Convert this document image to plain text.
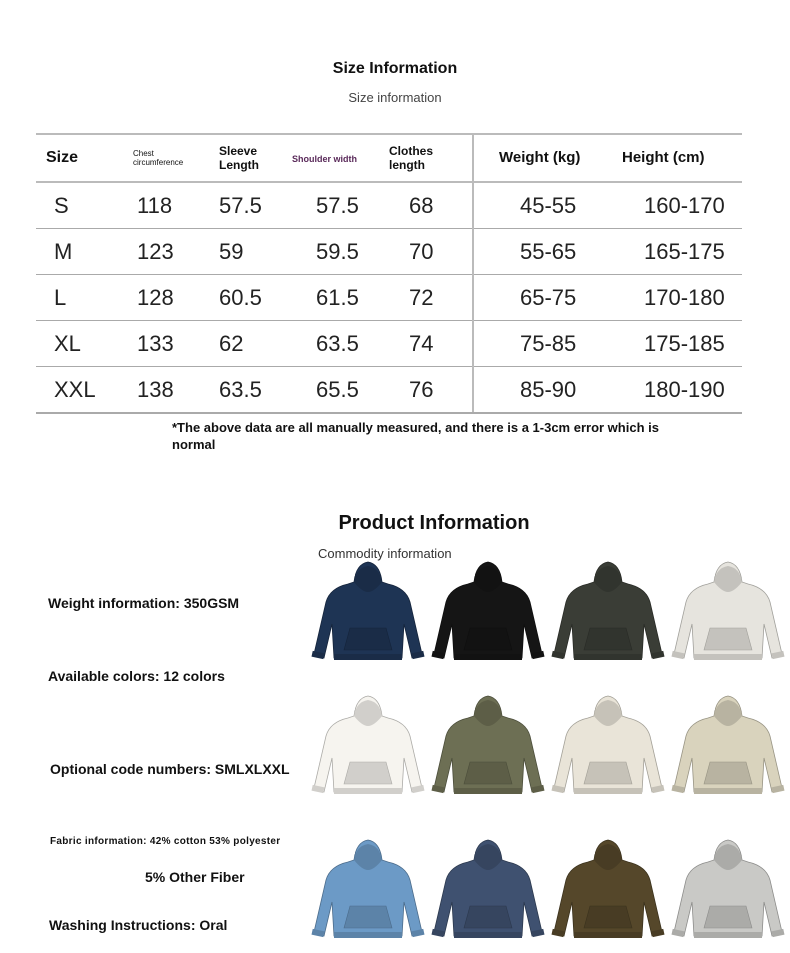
Size Information
Size information
Size	Chest circumference	Sleeve Length	Shoulder width	Clothes length	Weight (kg)	Height (cm)
S	118	57.5	57.5	68	45-55	160-170
M	123	59	59.5	70	55-65	165-175
L	128	60.5	61.5	72	65-75	170-180
XL	133	62	63.5	74	75-85	175-185
XXL	138	63.5	65.5	76	85-90	180-190
*The above data are all manually measured, and there is a 1-3cm error which is normal
Product Information
Commodity information
Weight information: 350GSM
Available colors: 12 colors
Optional code numbers: SMLXLXXL
Fabric information: 42% cotton 53% polyester
5% Other Fiber
Washing Instructions: Oral
